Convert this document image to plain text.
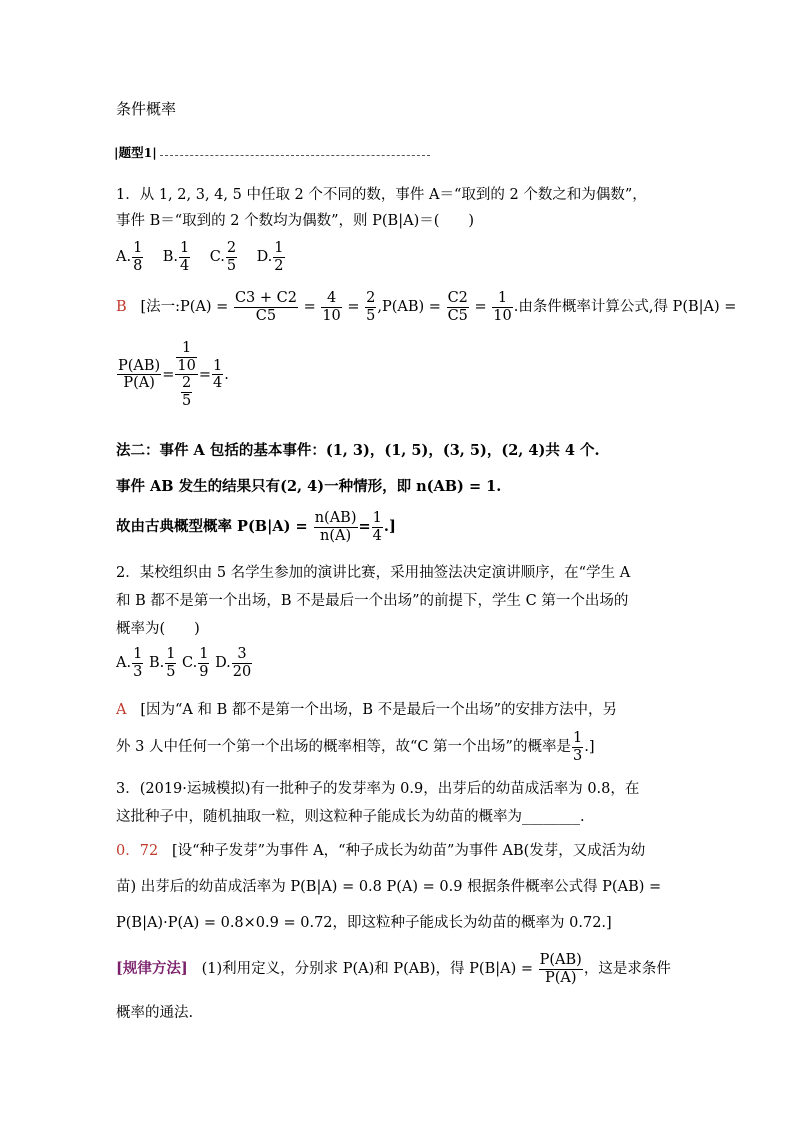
条件概率
|题型1|
1．从 1, 2, 3, 4, 5 中任取 2 个不同的数，事件 A＝“取到的 2 个数之和为偶数”，
事件 B＝“取到的 2 个数均为偶数”，则 P(B|A)＝(　　)
A. $\frac{1}{8} B$. $\frac{1}{4} C$. $\frac{2}{5} D$. $\frac{1}{2}$
B [法一:P(A) = $\frac{C3 + C2}{C5} = \frac{4}{10} = \frac{2}{5} ,P(AB) = \frac{C2}{C5} = \frac{1}{10}$ .由条件概率计算公式,得 P(B|A) =
$\frac{P(AB)}{P(A)} = \frac{\frac{1}{10}}{\frac{2}{5}} = \frac{1}{4}$ .
法二：事件 A 包括的基本事件：(1, 3)，(1, 5)，(3, 5)，(2, 4)共 4 个.
事件 AB 发生的结果只有(2, 4)一种情形，即 n(AB) = 1.
故由古典概型概率 $P(B|A) = \frac{n(AB)}{n(A)} = \frac{1}{4}$ .]
2．某校组织由 5 名学生参加的演讲比赛，采用抽签法决定演讲顺序，在“学生 A
和 B 都不是第一个出场，B 不是最后一个出场”的前提下，学生 C 第一个出场的
概率为(　　)
A. $\frac{1}{3} B$. $\frac{1}{5} C$. $\frac{1}{9} D$. $\frac{3}{20}$
A [因为“A 和 B 都不是第一个出场，B 不是最后一个出场”的安排方法中，另
外 3 人中任何一个第一个出场的概率相等，故“C 第一个出场”的概率是 $\frac{1}{3}$ .]
3．(2019·运城模拟)有一批种子的发芽率为 0.9，出芽后的幼苗成活率为 0.8，在
这批种子中，随机抽取一粒，则这粒种子能成长为幼苗的概率为________.
0．72 [设“种子发芽”为事件 A，“种子成长为幼苗”为事件 AB(发芽，又成活为幼
苗) 出芽后的幼苗成活率为 P(B|A) = 0.8 P(A) = 0.9 根据条件概率公式得 P(AB) =
P(B|A)·P(A) = 0.8×0.9 = 0.72，即这粒种子能成长为幼苗的概率为 0.72.]
[规律方法] (1)利用定义，分别求 P(A)和 P(AB)，得 $P(B|A) = \frac{P(AB)}{P(A)}$ ，这是求条件
概率的通法.
